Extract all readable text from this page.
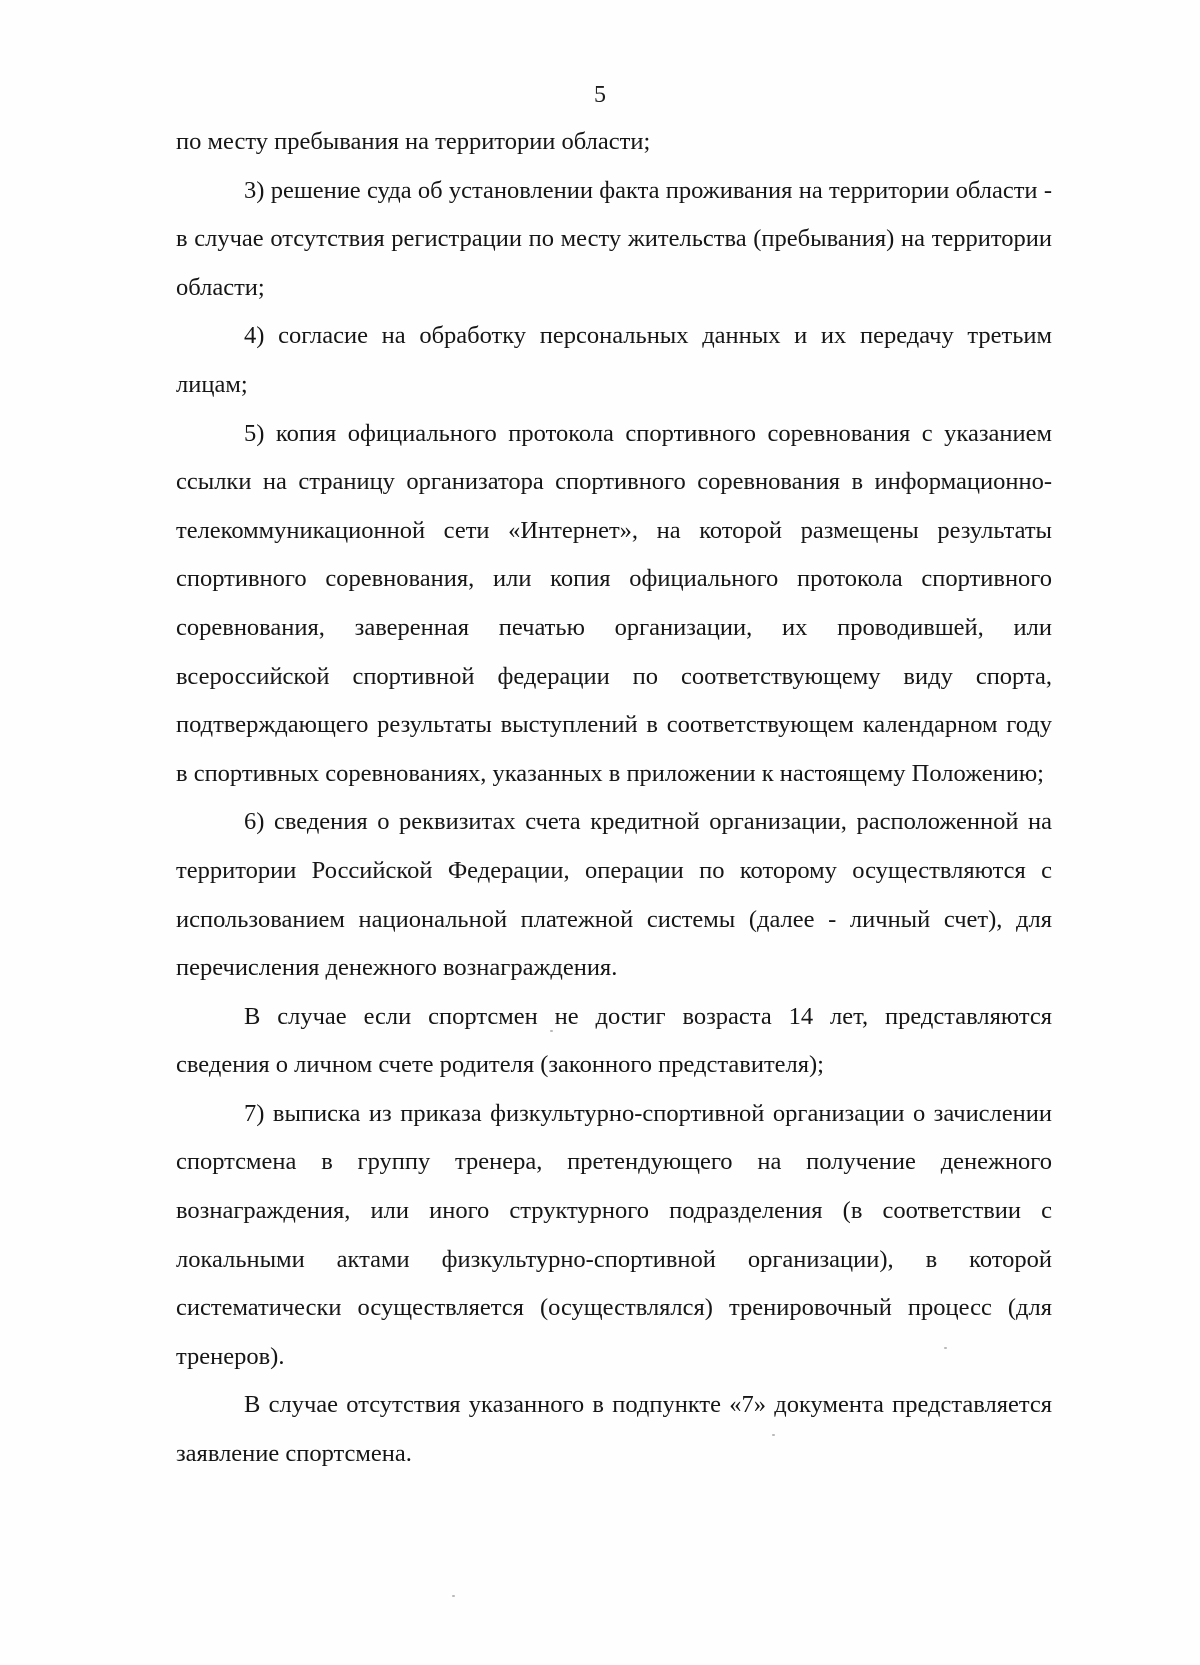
5

по месту пребывания на территории области;

3) решение суда об установлении факта проживания на территории области - в случае отсутствия регистрации по месту жительства (пребывания) на территории области;

4) согласие на обработку персональных данных и их передачу третьим лицам;

5) копия официального протокола спортивного соревнования с указанием ссылки на страницу организатора спортивного соревнования в информационно-телекоммуникационной сети «Интернет», на которой размещены результаты спортивного соревнования, или копия официального протокола спортивного соревнования, заверенная печатью организации, их проводившей, или всероссийской спортивной федерации по соответствующему виду спорта, подтверждающего результаты выступлений в соответствующем календарном году в спортивных соревнованиях, указанных в приложении к настоящему Положению;

6) сведения о реквизитах счета кредитной организации, расположенной на территории Российской Федерации, операции по которому осуществляются с использованием национальной платежной системы (далее - личный счет), для перечисления денежного вознаграждения.

В случае если спортсмен не достиг возраста 14 лет, представляются сведения о личном счете родителя (законного представителя);

7) выписка из приказа физкультурно-спортивной организации о зачислении спортсмена в группу тренера, претендующего на получение денежного вознаграждения, или иного структурного подразделения (в соответствии с локальными актами физкультурно-спортивной организации), в которой систематически осуществляется (осуществлялся) тренировочный процесс (для тренеров).

В случае отсутствия указанного в подпункте «7» документа представляется заявление спортсмена.
